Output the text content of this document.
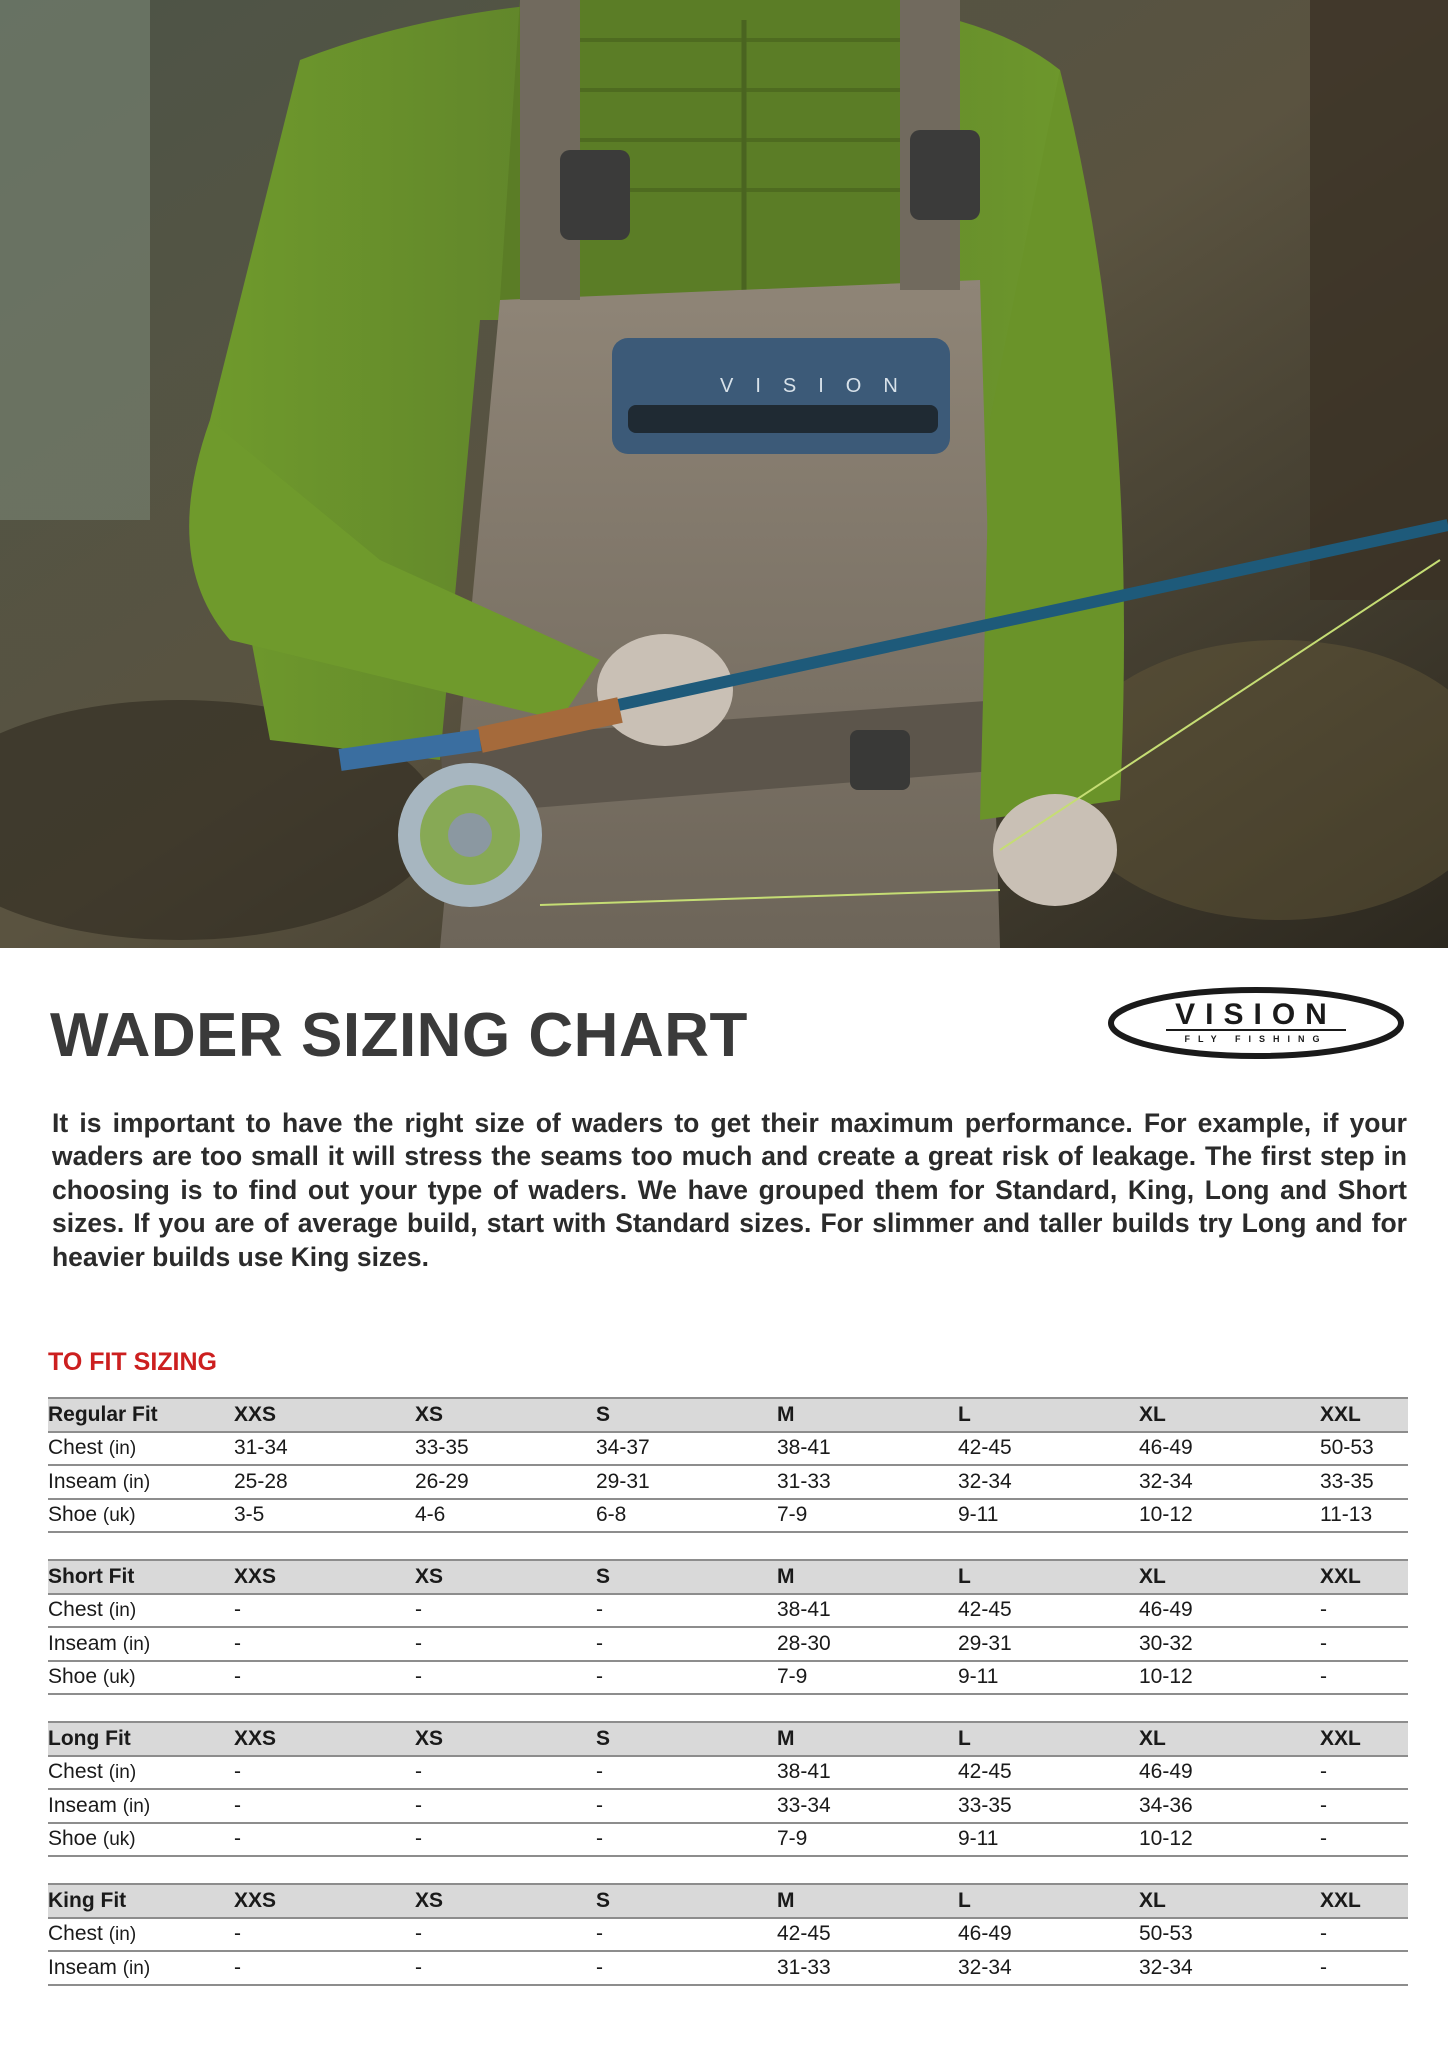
VISION
WADER SIZING CHART	VISION
FLY FISHING

It is important to have the right size of waders to get their maximum performance. For example, if your waders are too small it will stress the seams too much and create a great risk of leakage. The first step in choosing is to find out your type of waders. We have grouped them for Standard, King, Long and Short sizes. If you are of average build, start with Standard sizes. For slimmer and taller builds try Long and for heavier builds use King sizes.

TO FIT SIZING
Regular Fit	XXS	XS	S	M	L	XL	XXL
Chest (in)	31-34	33-35	34-37	38-41	42-45	46-49	50-53
Inseam (in)	25-28	26-29	29-31	31-33	32-34	32-34	33-35
Shoe (uk)	3-5	4-6	6-8	7-9	9-11	10-12	11-13
Short Fit	XXS	XS	S	M	L	XL	XXL
Chest (in)	-	-	-	38-41	42-45	46-49	-
Inseam (in)	-	-	-	28-30	29-31	30-32	-
Shoe (uk)	-	-	-	7-9	9-11	10-12	-
Long Fit	XXS	XS	S	M	L	XL	XXL
Chest (in)	-	-	-	38-41	42-45	46-49	-
Inseam (in)	-	-	-	33-34	33-35	34-36	-
Shoe (uk)	-	-	-	7-9	9-11	10-12	-
King Fit	XXS	XS	S	M	L	XL	XXL
Chest (in)	-	-	-	42-45	46-49	50-53	-
Inseam (in)	-	-	-	31-33	32-34	32-34	-
